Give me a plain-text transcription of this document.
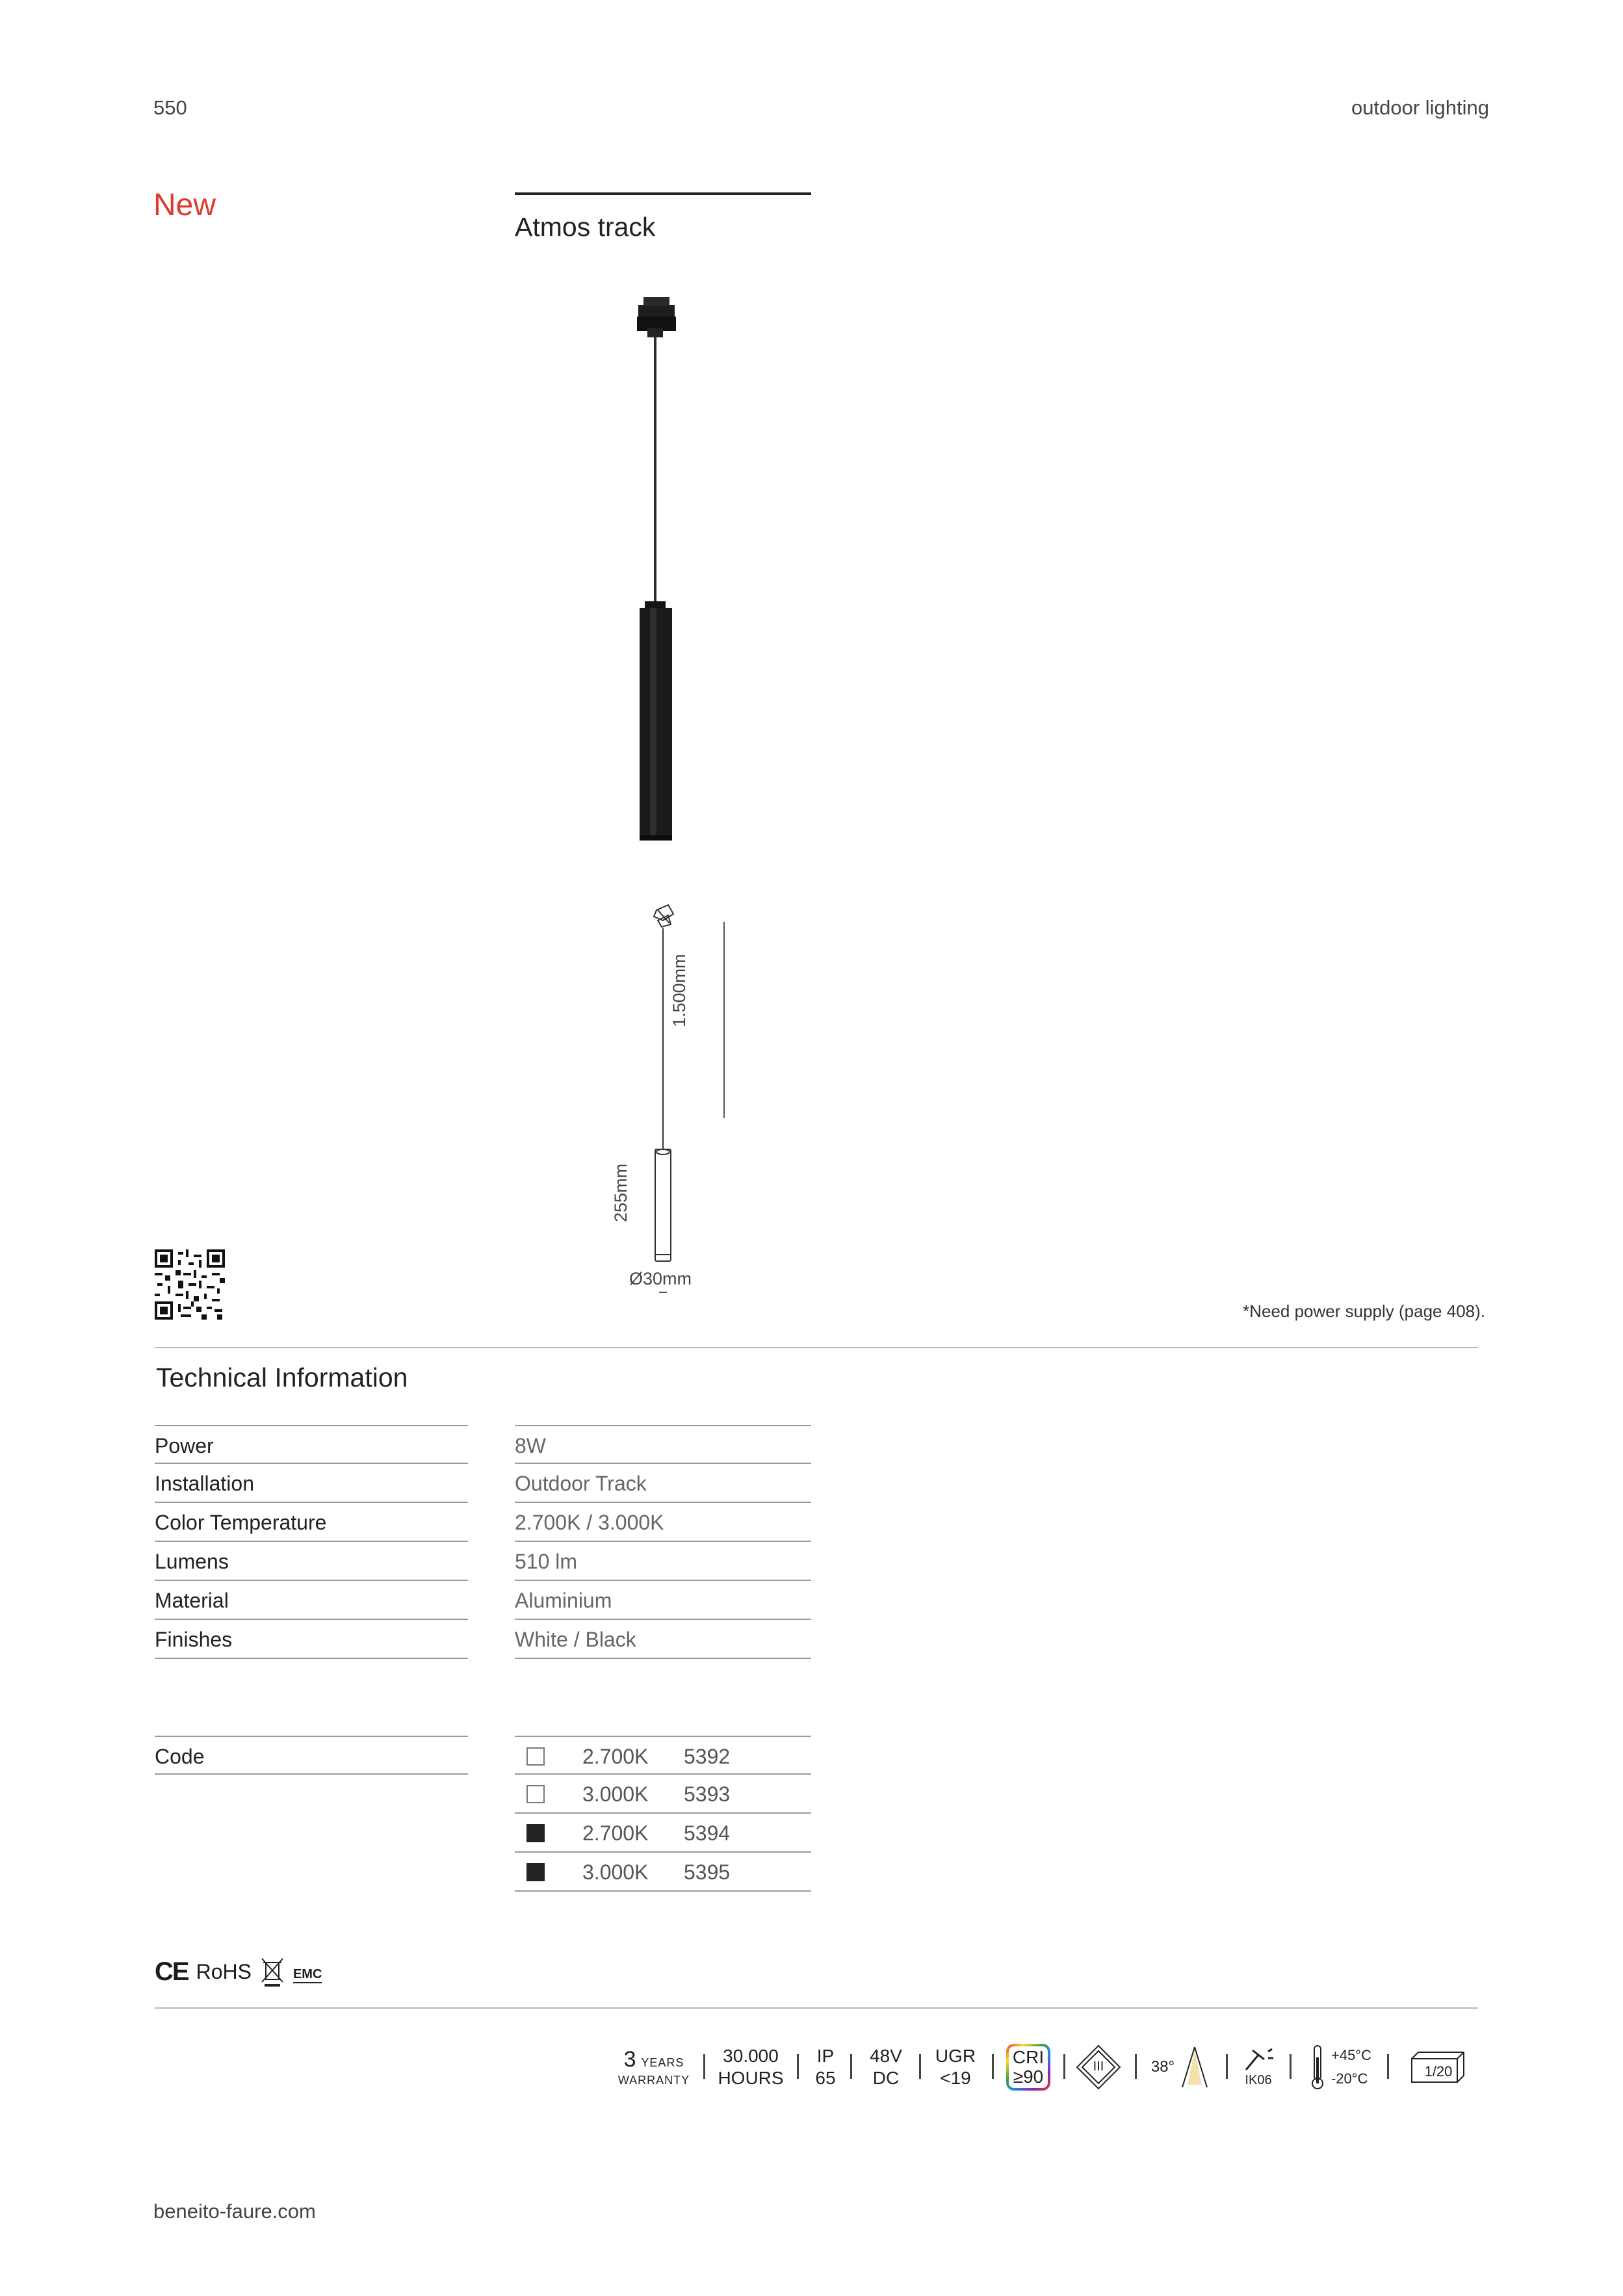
550	outdoor lighting
New
Atmos track
1.500mm
255mm
Ø30mm
*Need power supply (page 408).
Technical Information
Power	8W
Installation	Outdoor Track
Color Temperature	2.700K / 3.000K
Lumens	510 lm
Material	Aluminium
Finishes	White / Black
Code	2.700K 5392
3.000K 5393
2.700K 5394
3.000K 5395
CE RoHS	EMC
3 YEARS
WARRANTY
30.000
HOURS
IP
65
48V
DC
UGR
<19
CRI
≥90	III	38°
IK06
+45°C
-20°C	1/20
beneito-faure.com
